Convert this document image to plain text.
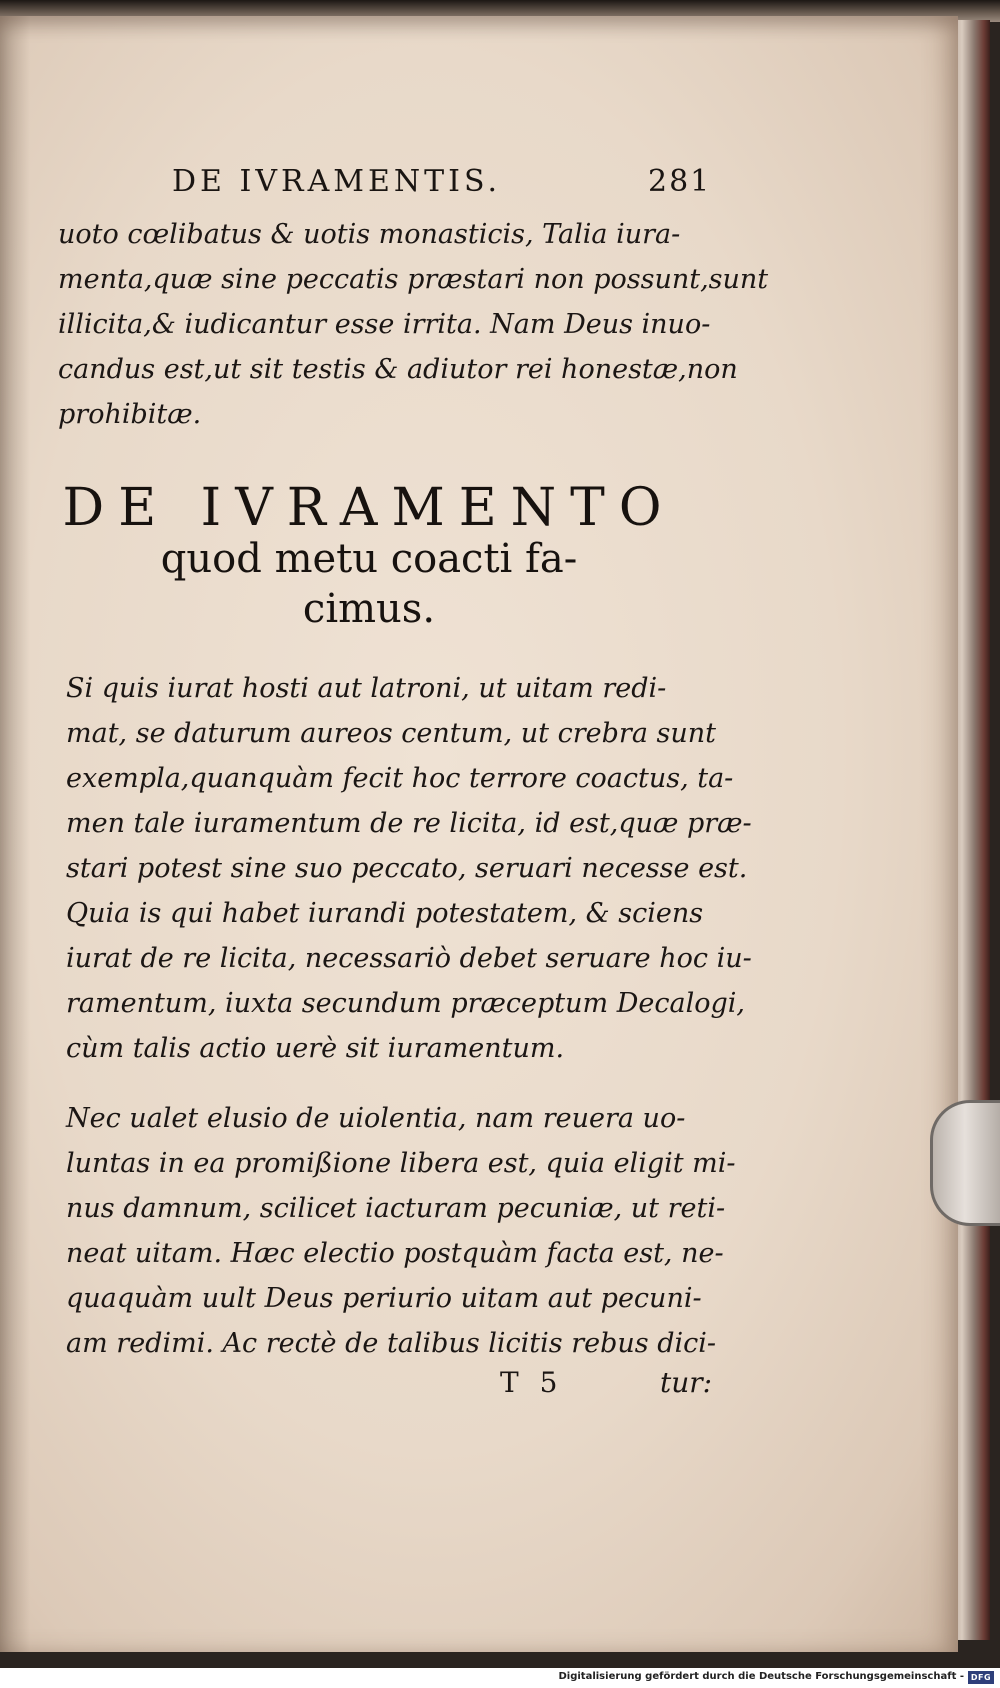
DE IVRAMENTIS.	281
uoto cœlibatus & uotis monasticis, Talia iura-
menta,quæ sine peccatis præstari non possunt,sunt
illicita,& iudicantur esse irrita. Nam Deus inuo-
candus est,ut sit testis & adiutor rei honestæ,non
prohibitæ.
DE IVRAMENTO
quod metu coacti fa-
cimus.
Si quis iurat hosti aut latroni, ut uitam redi-
mat, se daturum aureos centum, ut crebra sunt
exempla,quanquàm fecit hoc terrore coactus, ta-
men tale iuramentum de re licita, id est,quæ præ-
stari potest sine suo peccato, seruari necesse est.
Quia is qui habet iurandi potestatem, & sciens
iurat de re licita, necessariò debet seruare hoc iu-
ramentum, iuxta secundum præceptum Decalogi,
cùm talis actio uerè sit iuramentum.
Nec ualet elusio de uiolentia, nam reuera uo-
luntas in ea promißione libera est, quia eligit mi-
nus damnum, scilicet iacturam pecuniæ, ut reti-
neat uitam. Hæc electio postquàm facta est, ne-
quaquàm uult Deus periurio uitam aut pecuni-
am redimi. Ac rectè de talibus licitis rebus dici-
T 5	tur:
Digitalisierung gefördert durch die Deutsche Forschungsgemeinschaft - DFG
